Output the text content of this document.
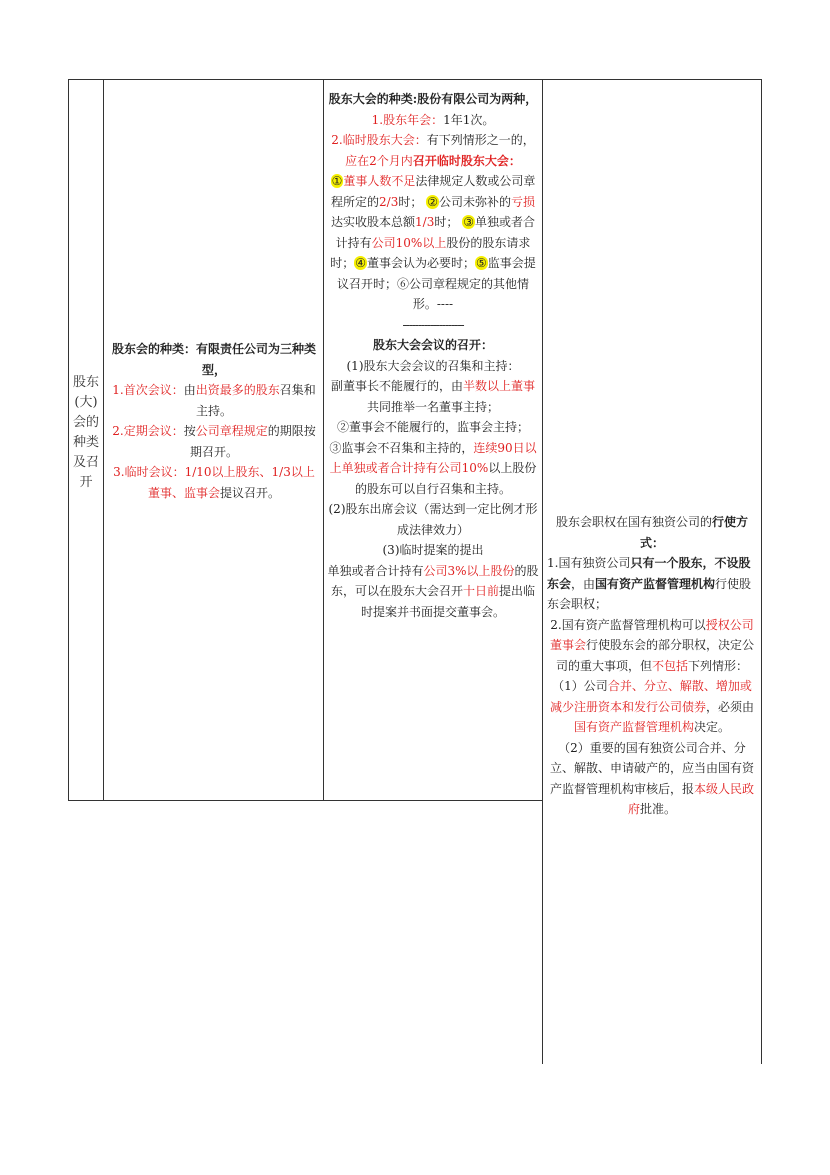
股东(大)会的种类及召开

股东会的种类：有限责任公司为三种类型，

1.首次会议：由出资最多的股东召集和主持。

2.定期会议：按公司章程规定的期限按期召开。

3.临时会议：1/10以上股东、1/3以上董事、监事会提议召开。

股东大会的种类:股份有限公司为两种，

1.股东年会：1年1次。

2.临时股东大会：有下列情形之一的，应在2个月内召开临时股东大会：

①董事人数不足法律规定人数或公司章程所定的2/3时； ②公司未弥补的亏损达实收股本总额1/3时； ③单独或者合计持有公司10%以上股份的股东请求时；④董事会认为必要时；⑤监事会提议召开时；⑥公司章程规定的其他情形。----

--------------------

股东大会会议的召开：

(1)股东大会会议的召集和主持：

副董事长不能履行的，由半数以上董事共同推举一名董事主持；

②董事会不能履行的，监事会主持；

③监事会不召集和主持的，连续90日以上单独或者合计持有公司10%以上股份的股东可以自行召集和主持。

(2)股东出席会议（需达到一定比例才形成法律效力）

(3)临时提案的提出

单独或者合计持有公司3%以上股份的股东，可以在股东大会召开十日前提出临时提案并书面提交董事会。

股东会职权在国有独资公司的行使方式：

1.国有独资公司只有一个股东，不设股东会，由国有资产监督管理机构行使股东会职权；

2.国有资产监督管理机构可以授权公司董事会行使股东会的部分职权，决定公司的重大事项，但不包括下列情形：

（1）公司合并、分立、解散、增加或减少注册资本和发行公司债券，必须由国有资产监督管理机构决定。

（2）重要的国有独资公司合并、分立、解散、申请破产的，应当由国有资产监督管理机构审核后，报本级人民政府批准。
